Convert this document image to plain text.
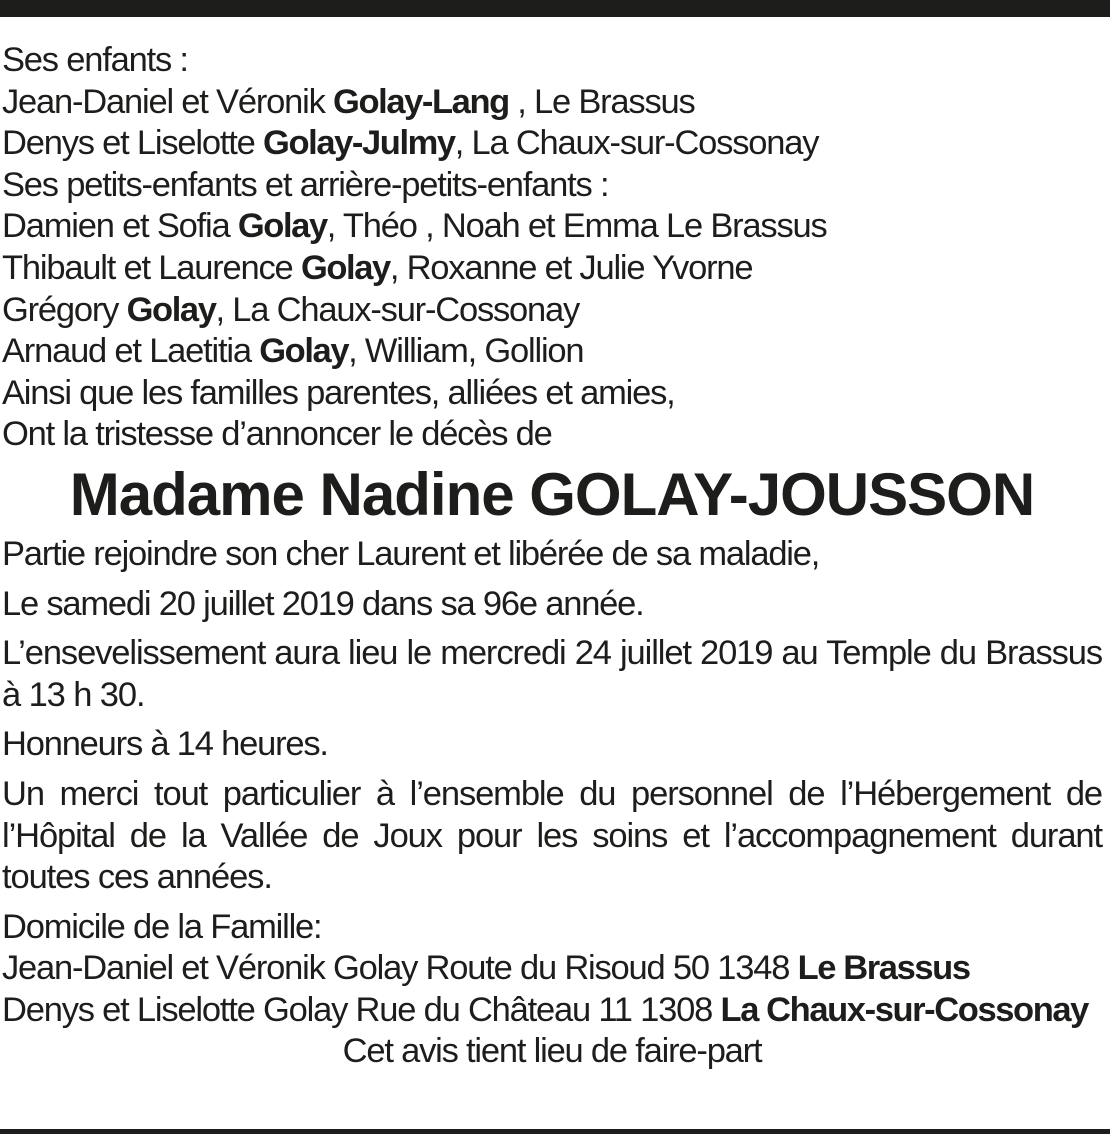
Ses enfants :
Jean-Daniel et Véronik Golay-Lang , Le Brassus
Denys et Liselotte Golay-Julmy, La Chaux-sur-Cossonay
Ses petits-enfants et arrière-petits-enfants :
Damien et Sofia Golay, Théo , Noah et Emma Le Brassus
Thibault et Laurence Golay, Roxanne et Julie Yvorne
Grégory Golay, La Chaux-sur-Cossonay
Arnaud et Laetitia Golay, William, Gollion
Ainsi que les familles parentes, alliées et amies,
Ont la tristesse d’annoncer le décès de
Madame Nadine GOLAY-JOUSSON
Partie rejoindre son cher Laurent et libérée de sa maladie,
Le samedi 20 juillet 2019 dans sa 96e année.
L’ensevelissement aura lieu le mercredi 24 juillet 2019 au Temple du Brassus à 13 h 30.
Honneurs à 14 heures.
Un merci tout particulier à l’ensemble du personnel de l’Hébergement de l’Hôpital de la Vallée de Joux pour les soins et l’accompagnement durant toutes ces années.
Domicile de la Famille:
Jean-Daniel et Véronik Golay Route du Risoud 50 1348 Le Brassus
Denys et Liselotte Golay Rue du Château 11 1308 La Chaux-sur-Cossonay
Cet avis tient lieu de faire-part
